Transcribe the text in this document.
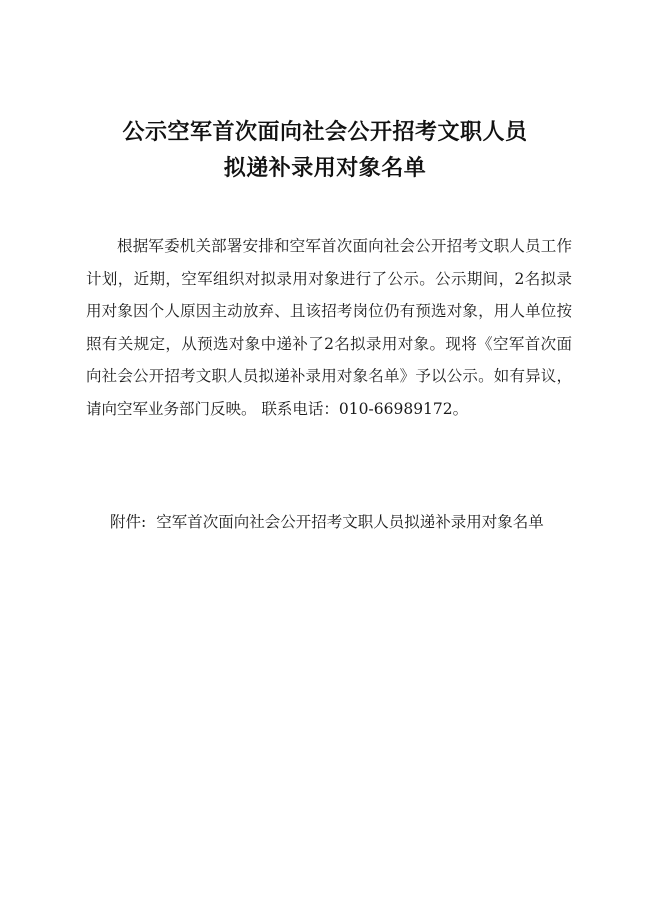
公示空军首次面向社会公开招考文职人员
拟递补录用对象名单

根据军委机关部署安排和空军首次面向社会公开招考文职人员工作计划，近期，空军组织对拟录用对象进行了公示。公示期间，2名拟录用对象因个人原因主动放弃、且该招考岗位仍有预选对象，用人单位按照有关规定，从预选对象中递补了2名拟录用对象。现将《空军首次面向社会公开招考文职人员拟递补录用对象名单》予以公示。如有异议，请向空军业务部门反映。 联系电话：010-66989172。

附件: 空军首次面向社会公开招考文职人员拟递补录用对象名单
